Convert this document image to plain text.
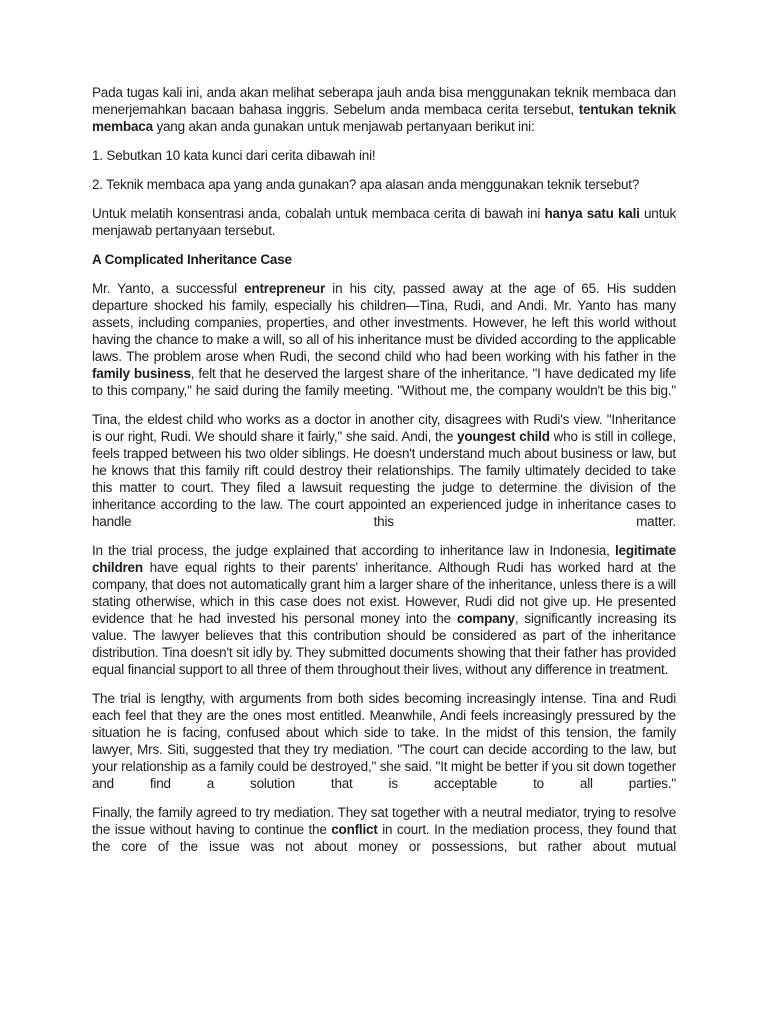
Pada tugas kali ini, anda akan melihat seberapa jauh anda bisa menggunakan teknik membaca dan menerjemahkan bacaan bahasa inggris. Sebelum anda membaca cerita tersebut, tentukan teknik membaca yang akan anda gunakan untuk menjawab pertanyaan berikut ini:

1. Sebutkan 10 kata kunci dari cerita dibawah ini!

2. Teknik membaca apa yang anda gunakan? apa alasan anda menggunakan teknik tersebut?

Untuk melatih konsentrasi anda, cobalah untuk membaca cerita di bawah ini hanya satu kali untuk menjawab pertanyaan tersebut.

A Complicated Inheritance Case

Mr. Yanto, a successful entrepreneur in his city, passed away at the age of 65. His sudden departure shocked his family, especially his children—Tina, Rudi, and Andi. Mr. Yanto has many assets, including companies, properties, and other investments. However, he left this world without having the chance to make a will, so all of his inheritance must be divided according to the applicable laws. The problem arose when Rudi, the second child who had been working with his father in the family business, felt that he deserved the largest share of the inheritance. "I have dedicated my life to this company," he said during the family meeting. "Without me, the company wouldn't be this big."

Tina, the eldest child who works as a doctor in another city, disagrees with Rudi's view. "Inheritance is our right, Rudi. We should share it fairly," she said. Andi, the youngest child who is still in college, feels trapped between his two older siblings. He doesn't understand much about business or law, but he knows that this family rift could destroy their relationships. The family ultimately decided to take this matter to court. They filed a lawsuit requesting the judge to determine the division of the inheritance according to the law. The court appointed an experienced judge in inheritance cases to handle this matter.

In the trial process, the judge explained that according to inheritance law in Indonesia, legitimate children have equal rights to their parents' inheritance. Although Rudi has worked hard at the company, that does not automatically grant him a larger share of the inheritance, unless there is a will stating otherwise, which in this case does not exist. However, Rudi did not give up. He presented evidence that he had invested his personal money into the company, significantly increasing its value. The lawyer believes that this contribution should be considered as part of the inheritance distribution. Tina doesn't sit idly by. They submitted documents showing that their father has provided equal financial support to all three of them throughout their lives, without any difference in treatment.

The trial is lengthy, with arguments from both sides becoming increasingly intense. Tina and Rudi each feel that they are the ones most entitled. Meanwhile, Andi feels increasingly pressured by the situation he is facing, confused about which side to take. In the midst of this tension, the family lawyer, Mrs. Siti, suggested that they try mediation. "The court can decide according to the law, but your relationship as a family could be destroyed," she said. "It might be better if you sit down together and find a solution that is acceptable to all parties."

Finally, the family agreed to try mediation. They sat together with a neutral mediator, trying to resolve the issue without having to continue the conflict in court. In the mediation process, they found that the core of the issue was not about money or possessions, but rather about mutual
